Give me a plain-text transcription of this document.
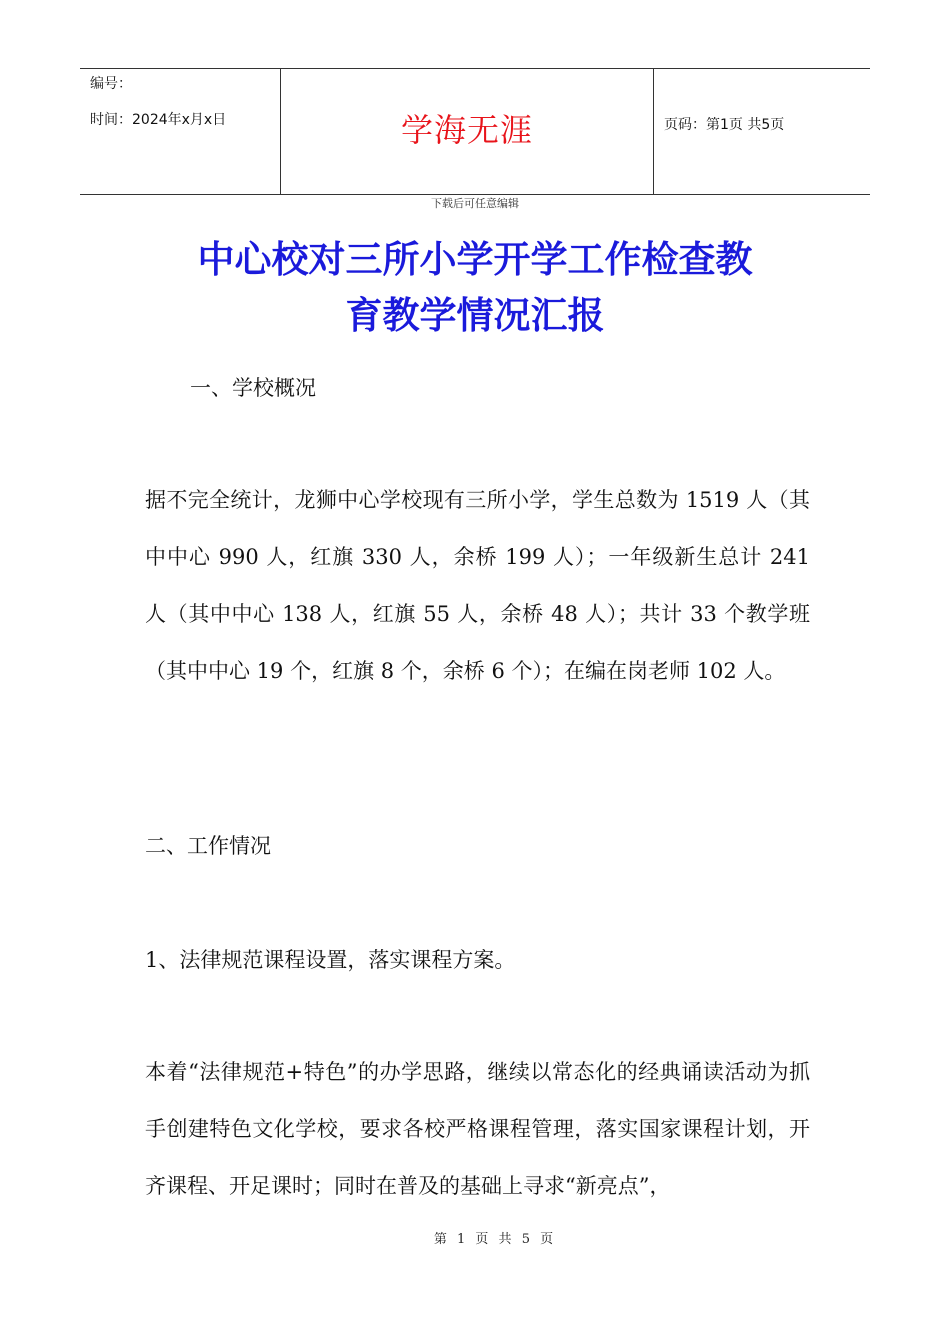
编号：
时间：2024年x月x日	学海无涯	页码：第1页 共5页
下载后可任意编辑
中心校对三所小学开学工作检查教
育教学情况汇报
一、学校概况
据不完全统计，龙狮中心学校现有三所小学，学生总数为 1519 人（其中中心 990 人，红旗 330 人，余桥 199 人）；一年级新生总计 241 人（其中中心 138 人，红旗 55 人，余桥 48 人）；共计 33 个教学班（其中中心 19 个，红旗 8 个，余桥 6 个）；在编在岗老师 102 人。
二、工作情况
1、法律规范课程设置，落实课程方案。
本着“法律规范+特色”的办学思路，继续以常态化的经典诵读活动为抓手创建特色文化学校，要求各校严格课程管理，落实国家课程计划，开齐课程、开足课时；同时在普及的基础上寻求“新亮点”，
第 1 页 共 5 页
